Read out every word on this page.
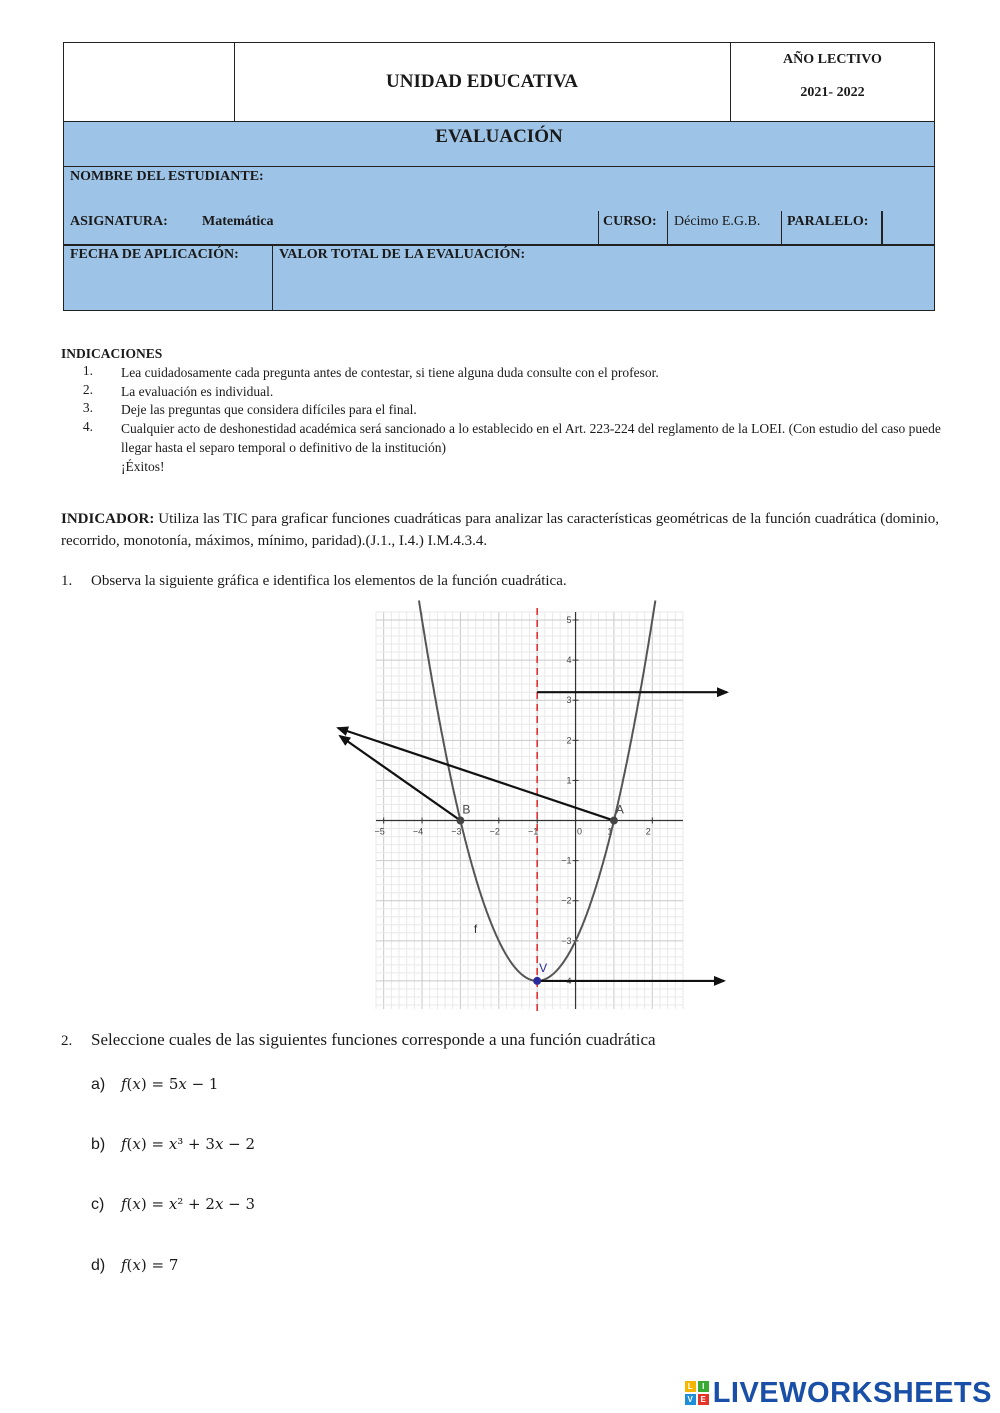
UNIDAD EDUCATIVA
AÑO LECTIVO
2021- 2022
EVALUACIÓN
NOMBRE DEL ESTUDIANTE:
ASIGNATURA: Matemática	CURSO: Décimo E.G.B. PARALELO:
FECHA DE APLICACIÓN:	VALOR TOTAL DE LA EVALUACIÓN:
INDICACIONES
1. Lea cuidadosamente cada pregunta antes de contestar, si tiene alguna duda consulte con el profesor.
2. La evaluación es individual.
3. Deje las preguntas que considera difíciles para el final.
4. Cualquier acto de deshonestidad académica será sancionado a lo establecido en el Art. 223-224 del reglamento de la LOEI. (Con estudio del caso puede llegar hasta el separo temporal o definitivo de la institución)
¡Éxitos!
INDICADOR: Utiliza las TIC para graficar funciones cuadráticas para analizar las características geométricas de la función cuadrática (dominio, recorrido, monotonía, máximos, mínimo, paridad).(J.1., I.4.) I.M.4.3.4.
1. Observa la siguiente gráfica e identifica los elementos de la función cuadrática.
−5	−4	−3	−2	−1	0	1	2
5
4
3
2
1
−1
−2
−3
−4
f
A
B
V
2. Seleccione cuales de las siguientes funciones corresponde a una función cuadrática
a) 𝑓(𝑥) = 5𝑥 − 1
b) 𝑓(𝑥) = 𝑥³ + 3𝑥 − 2
c) 𝑓(𝑥) = 𝑥² + 2𝑥 − 3
d) 𝑓(𝑥) = 7
L	I
V E LIVEWORKSHEETS
